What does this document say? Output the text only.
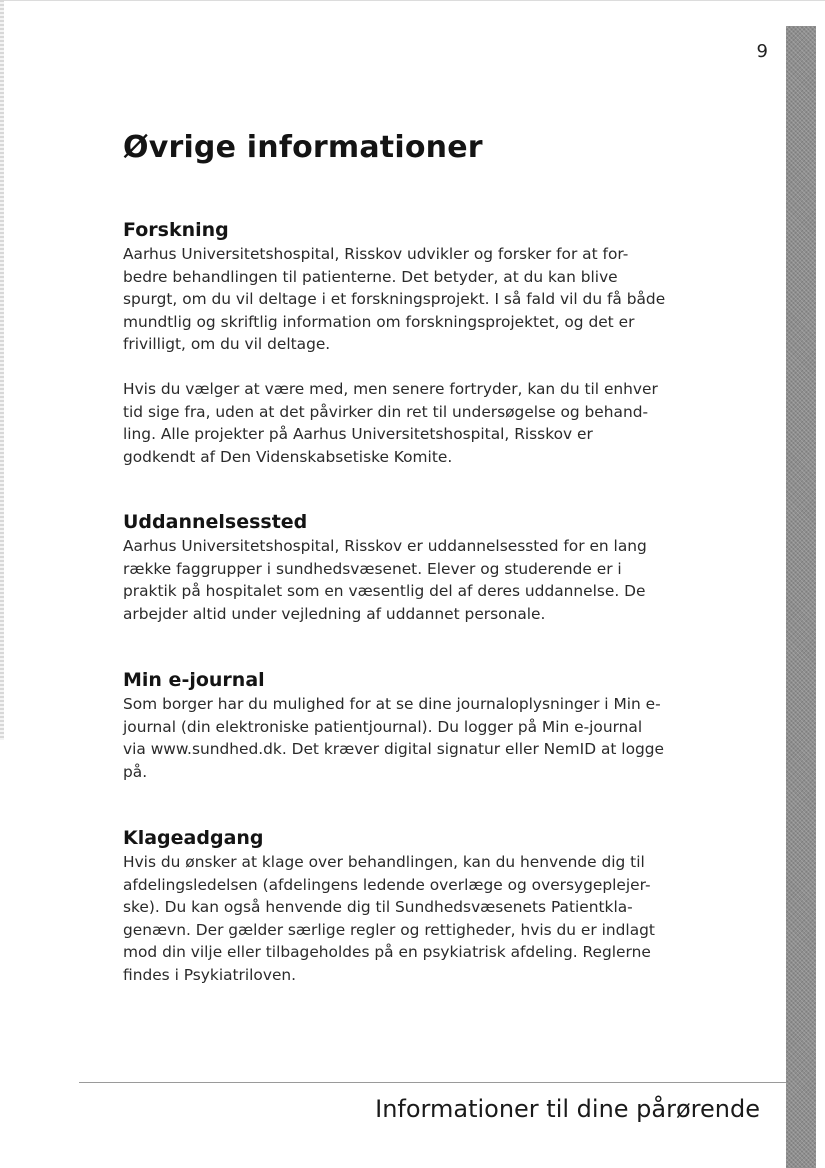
9
Øvrige informationer
Forskning

Aarhus Universitetshospital, Risskov udvikler og forsker for at for-
bedre behandlingen til patienterne. Det betyder, at du kan blive
spurgt, om du vil deltage i et forskningsprojekt. I så fald vil du få både
mundtlig og skriftlig information om forskningsprojektet, og det er
frivilligt, om du vil deltage.

Hvis du vælger at være med, men senere fortryder, kan du til enhver
tid sige fra, uden at det påvirker din ret til undersøgelse og behand-
ling. Alle projekter på Aarhus Universitetshospital, Risskov er
godkendt af Den Videnskabsetiske Komite.

Uddannelsessted

Aarhus Universitetshospital, Risskov er uddannelsessted for en lang
række faggrupper i sundhedsvæsenet. Elever og studerende er i
praktik på hospitalet som en væsentlig del af deres uddannelse. De
arbejder altid under vejledning af uddannet personale.

Min e-journal

Som borger har du mulighed for at se dine journaloplysninger i Min e-
journal (din elektroniske patientjournal). Du logger på Min e-journal
via www.sundhed.dk. Det kræver digital signatur eller NemID at logge
på.

Klageadgang

Hvis du ønsker at klage over behandlingen, kan du henvende dig til
afdelingsledelsen (afdelingens ledende overlæge og oversygeplejer-
ske). Du kan også henvende dig til Sundhedsvæsenets Patientkla-
genævn. Der gælder særlige regler og rettigheder, hvis du er indlagt
mod din vilje eller tilbageholdes på en psykiatrisk afdeling. Reglerne
findes i Psykiatriloven.

Informationer til dine pårørende
